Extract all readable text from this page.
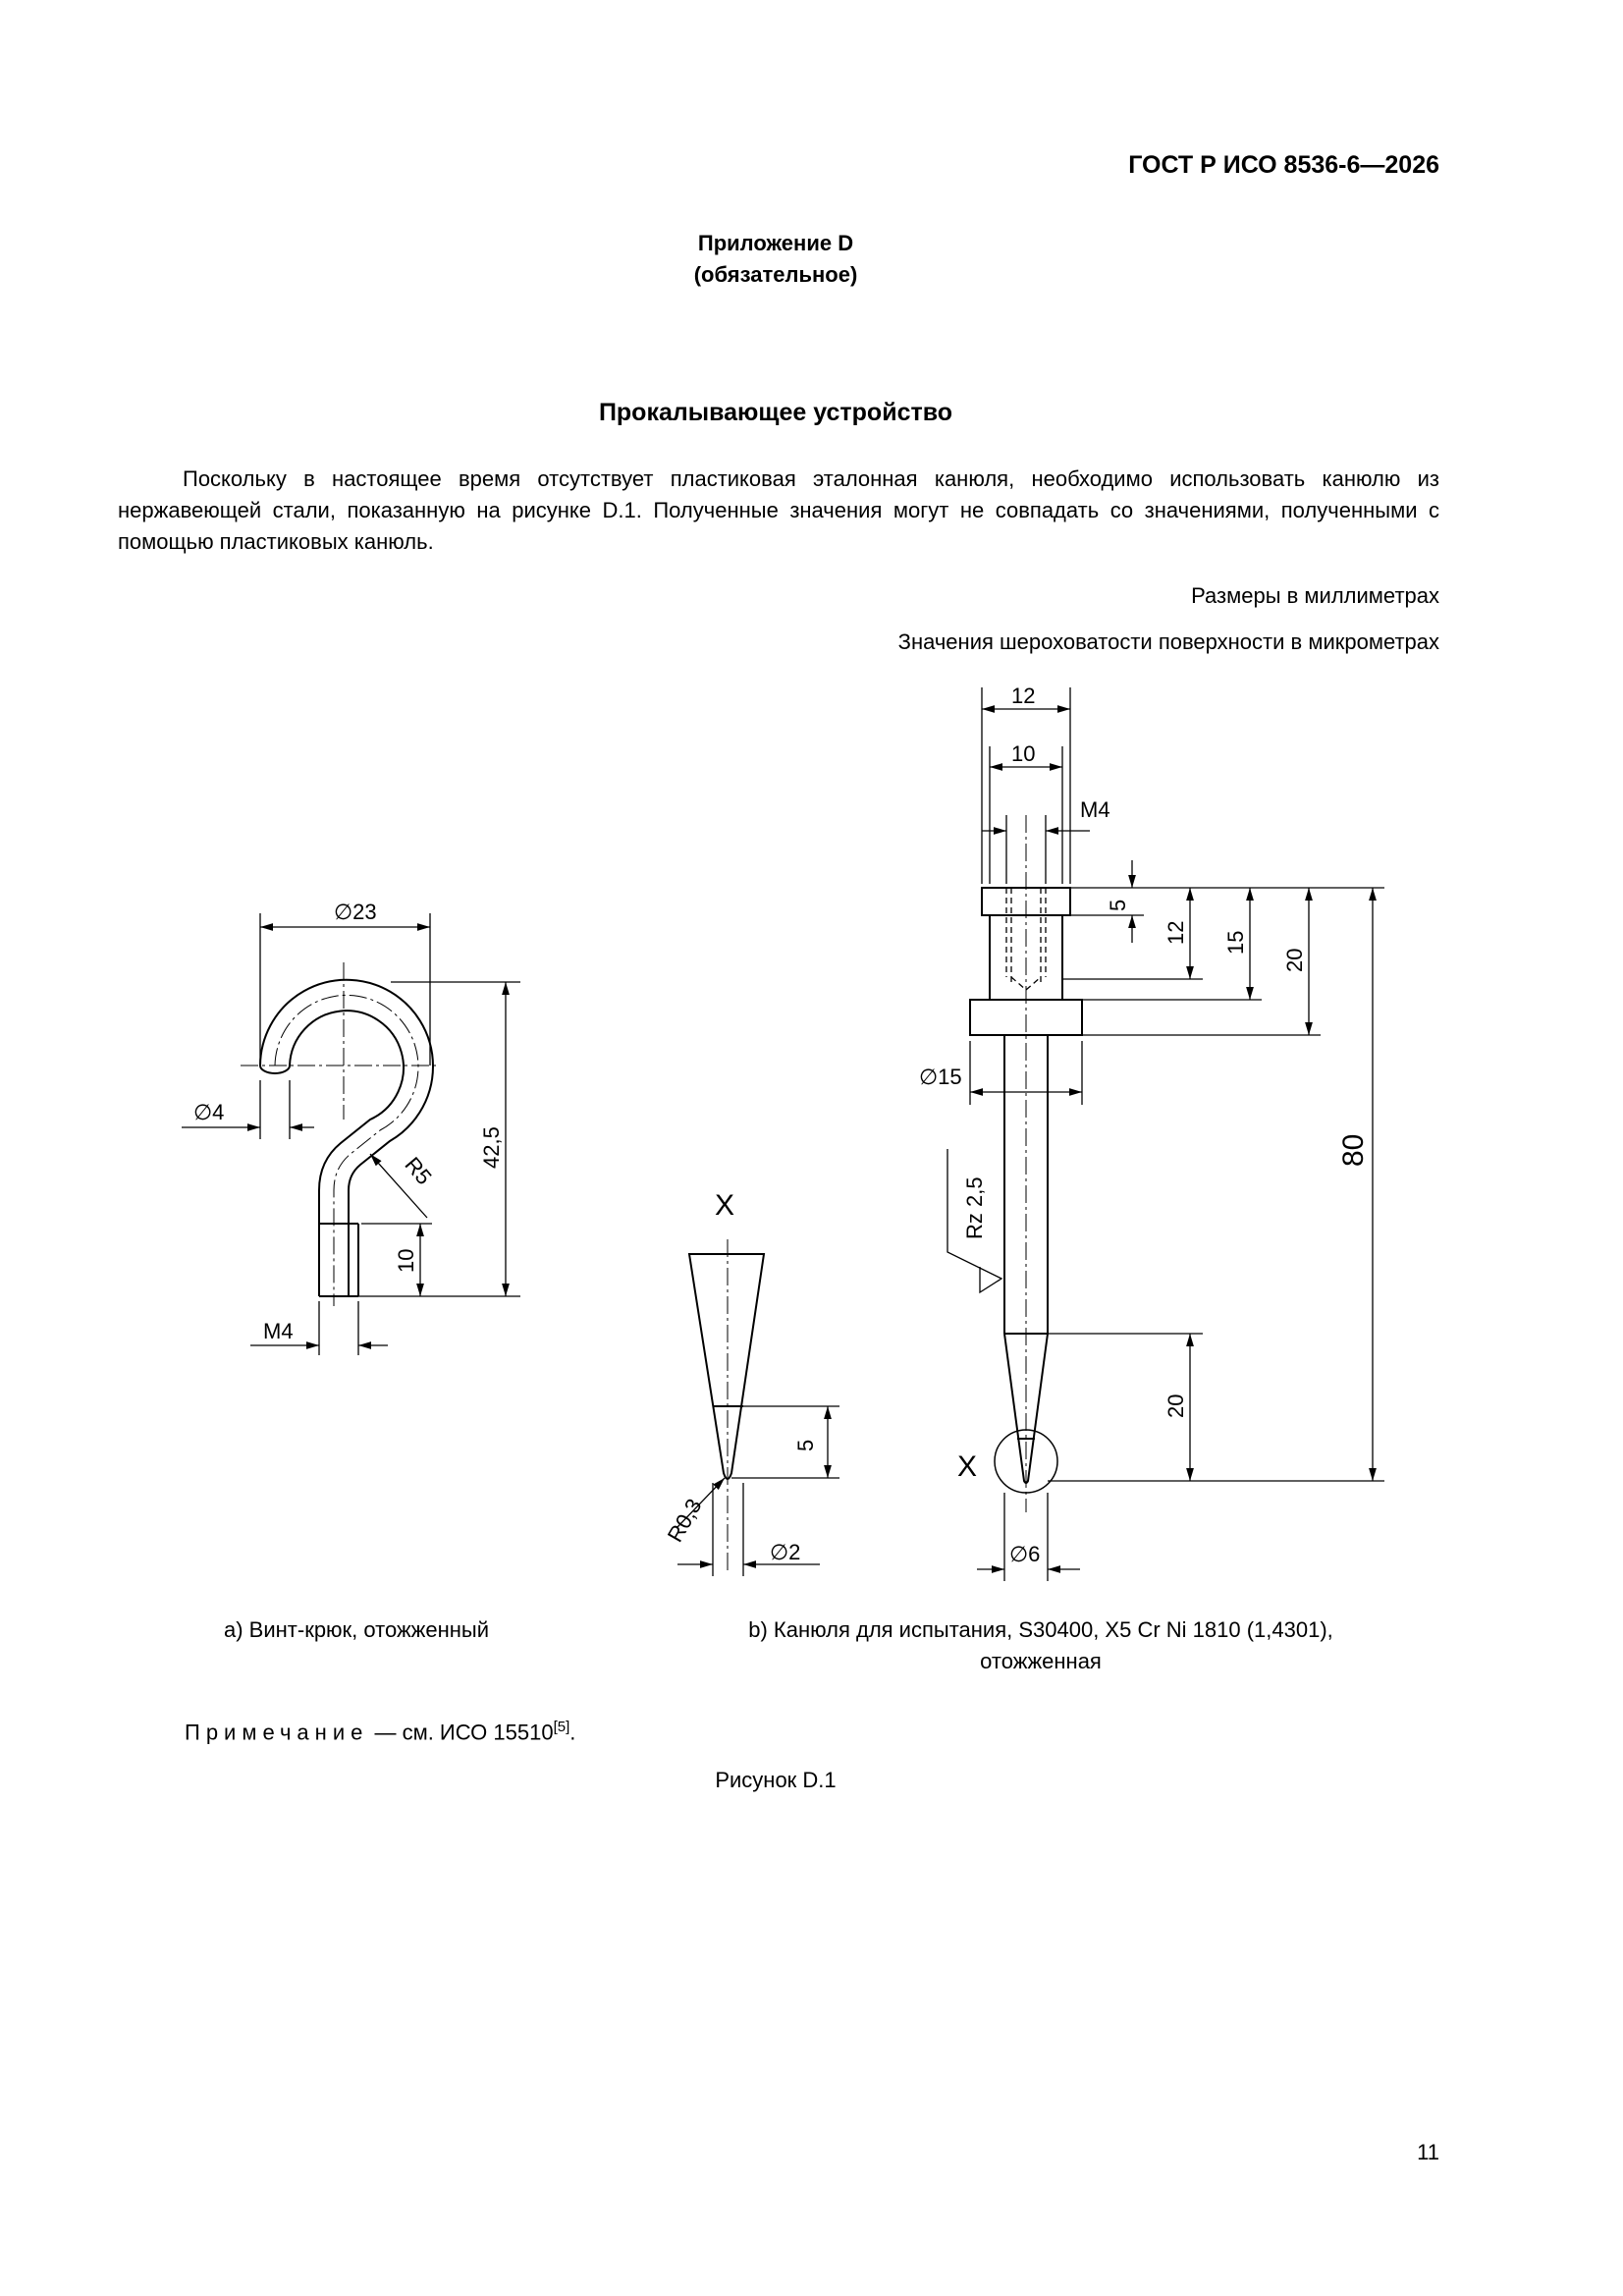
ГОСТ Р ИСО 8536-6—2026
Приложение D
(обязательное)
Прокалывающее устройство

Поскольку в настоящее время отсутствует пластиковая эталонная канюля, необходимо использовать канюлю из нержавеющей стали, показанную на рисунке D.1. Полученные значения могут не совпадать со значениями, полученными с помощью пластиковых канюль.

Размеры в миллиметрах
Значения шероховатости поверхности в микрометрах
∅23
∅4
R5
42,5
10
M4
X
5
R0,3
∅2
12
10
M4
5
12 15
20
∅15
Rz 2,5
80
20
X
∅6
a) Винт-крюк, отожженный	b) Канюля для испытания, S30400, X5 Cr Ni 1810 (1,4301),
отожженная
Примечание — см. ИСО 15510[5].
Рисунок D.1
11
